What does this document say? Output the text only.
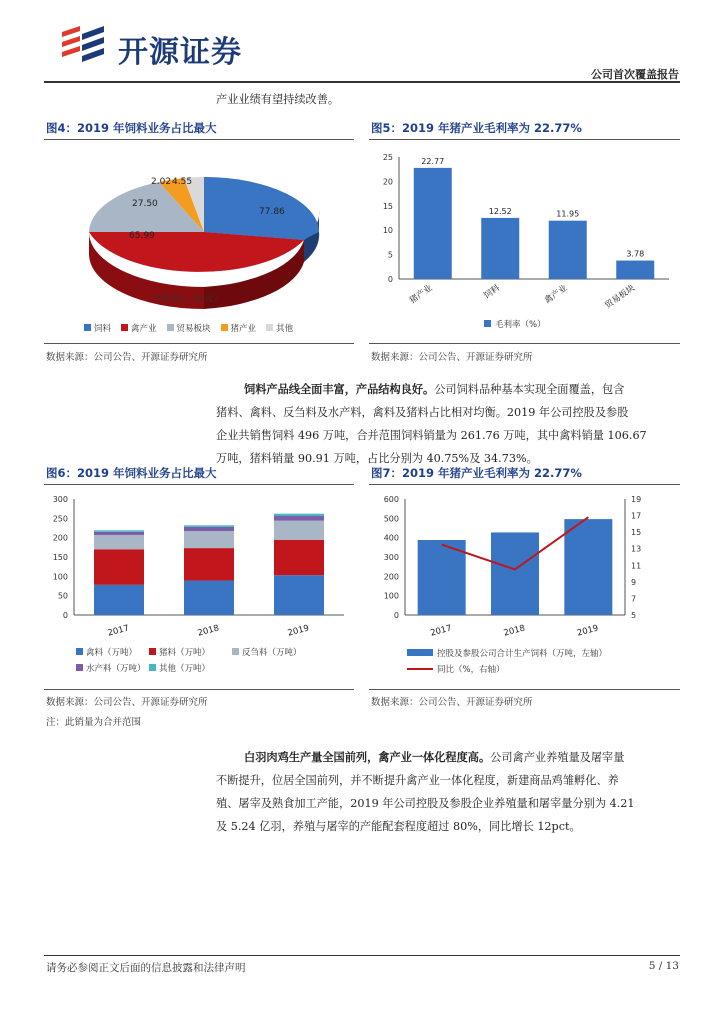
开源证券
公司首次覆盖报告
产业业绩有望持续改善。
图4：2019 年饲料业务占比最大
77.86
65.99
27.50
2.02 4.55
营业收入（亿元）
饲料	禽产业	贸易板块	猪产业	其他
数据来源：公司公告、开源证券研究所
图5：2019 年猪产业毛利率为 22.77%
0
5
10
15
20
25	22.77
猪产业
12.52
饲料
11.95
禽产业
3.78
贸易板块
毛利率（%）
数据来源：公司公告、开源证券研究所
饲料产品线全面丰富，产品结构良好。公司饲料品种基本实现全面覆盖，包含
猪料、禽料、反刍料及水产料，禽料及猪料占比相对均衡。2019 年公司控股及参股
企业共销售饲料 496 万吨，合并范围饲料销量为 261.76 万吨，其中禽料销量 106.67
万吨，猪料销量 90.91 万吨，占比分别为 40.75%及 34.73%。
图6：2019 年饲料业务占比最大
0
50
100
150
200
250
300
2017	2018	2019
禽料（万吨）	猪料（万吨）	反刍料（万吨）
水产料（万吨） 其他（万吨）
数据来源：公司公告、开源证券研究所
注：此销量为合并范围
图7：2019 年猪产业毛利率为 22.77%
0
100
200
300
400
500
600
5
7
9
11
13
15
17
19
2017	2018	2019
控股及参股公司合计生产饲料（万吨，左轴）
同比（%，右轴）
数据来源：公司公告、开源证券研究所
白羽肉鸡生产量全国前列，禽产业一体化程度高。公司禽产业养殖量及屠宰量
不断提升，位居全国前列，并不断提升禽产业一体化程度，新建商品鸡雏孵化、养
殖、屠宰及熟食加工产能，2019 年公司控股及参股企业养殖量和屠宰量分别为 4.21
及 5.24 亿羽，养殖与屠宰的产能配套程度超过 80%，同比增长 12pct。
请务必参阅正文后面的信息披露和法律声明	5 / 13
